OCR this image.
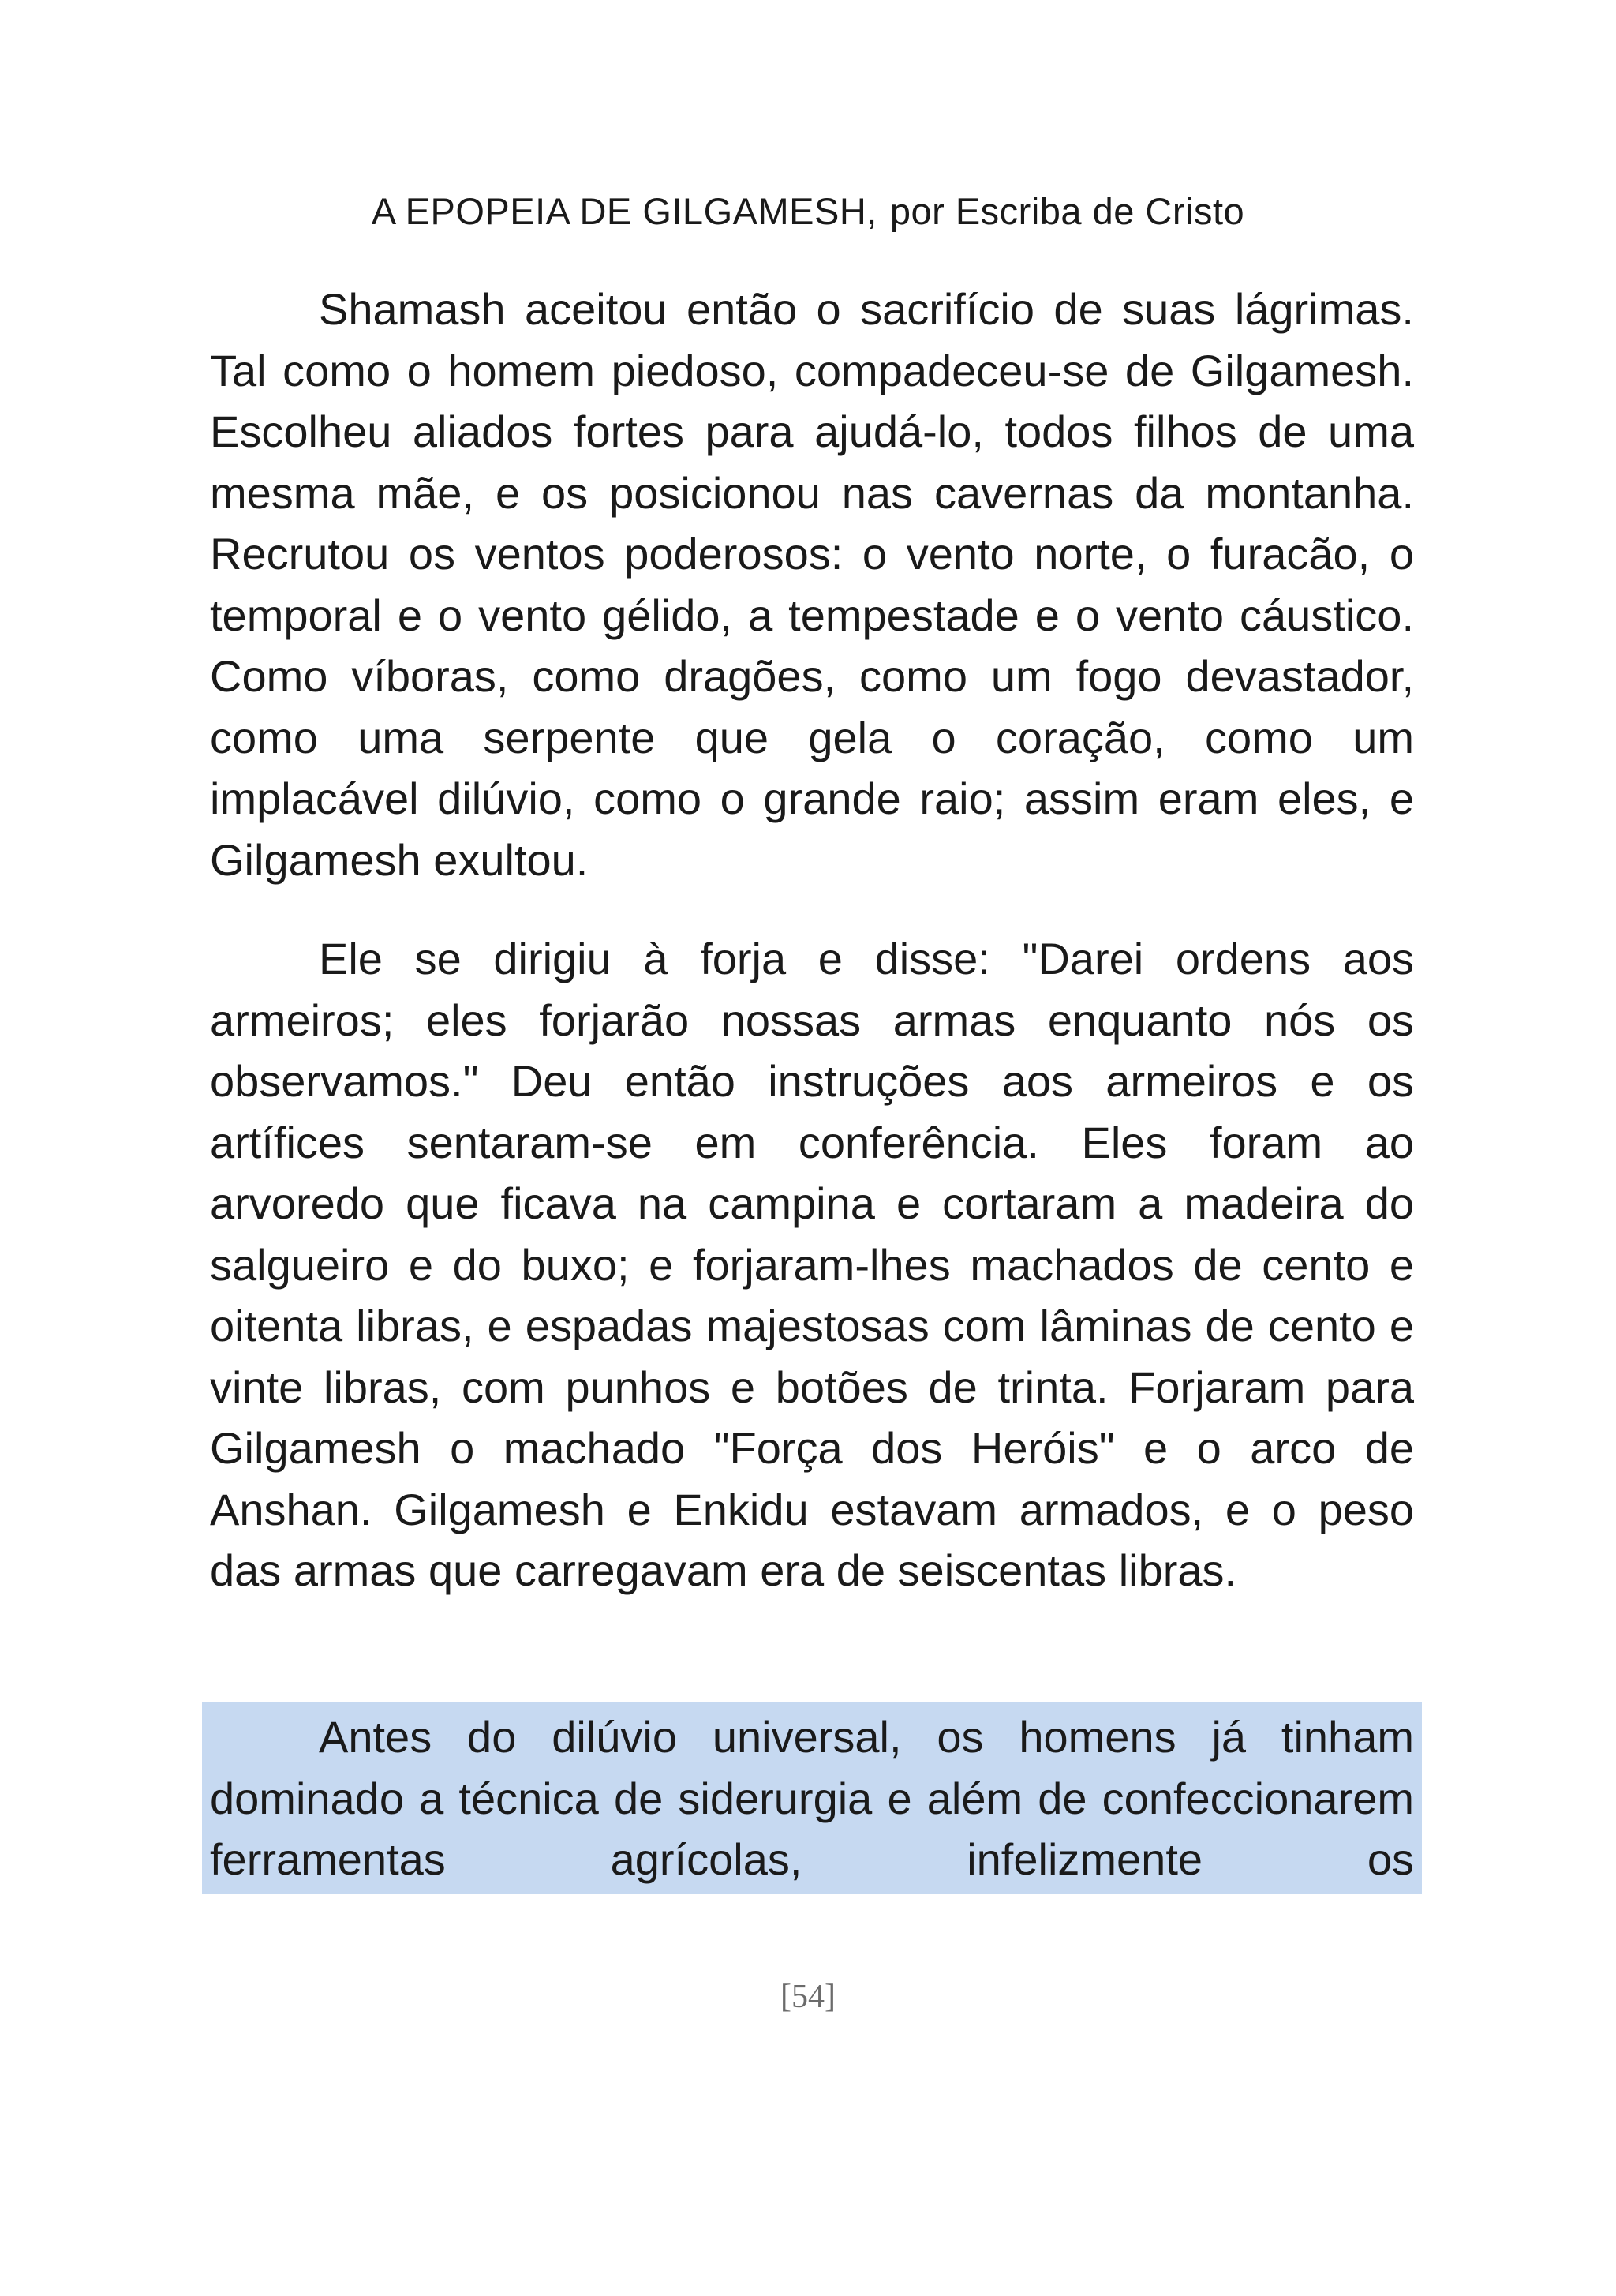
A EPOPEIA DE GILGAMESH, por Escriba de Cristo

Shamash aceitou então o sacrifício de suas lágrimas. Tal como o homem piedoso, compadeceu-se de Gilgamesh. Escolheu aliados fortes para ajudá-lo, todos filhos de uma mesma mãe, e os posicionou nas cavernas da montanha. Recrutou os ventos poderosos: o vento norte, o furacão, o temporal e o vento gélido, a tempestade e o vento cáustico. Como víboras, como dragões, como um fogo devastador, como uma serpente que gela o coração, como um implacável dilúvio, como o grande raio; assim eram eles, e Gilgamesh exultou.

Ele se dirigiu à forja e disse: "Darei ordens aos armeiros; eles forjarão nossas armas enquanto nós os observamos." Deu então instruções aos armeiros e os artífices sentaram-se em conferência. Eles foram ao arvoredo que ficava na campina e cortaram a madeira do salgueiro e do buxo; e forjaram-lhes machados de cento e oitenta libras, e espadas majestosas com lâminas de cento e vinte libras, com punhos e botões de trinta. Forjaram para Gilgamesh o machado "Força dos Heróis" e o arco de Anshan. Gilgamesh e Enkidu estavam armados, e o peso das armas que carregavam era de seiscentas libras.

Antes do dilúvio universal, os homens já tinham dominado a técnica de siderurgia e além de confeccionarem ferramentas agrícolas, infelizmente os

[54]
